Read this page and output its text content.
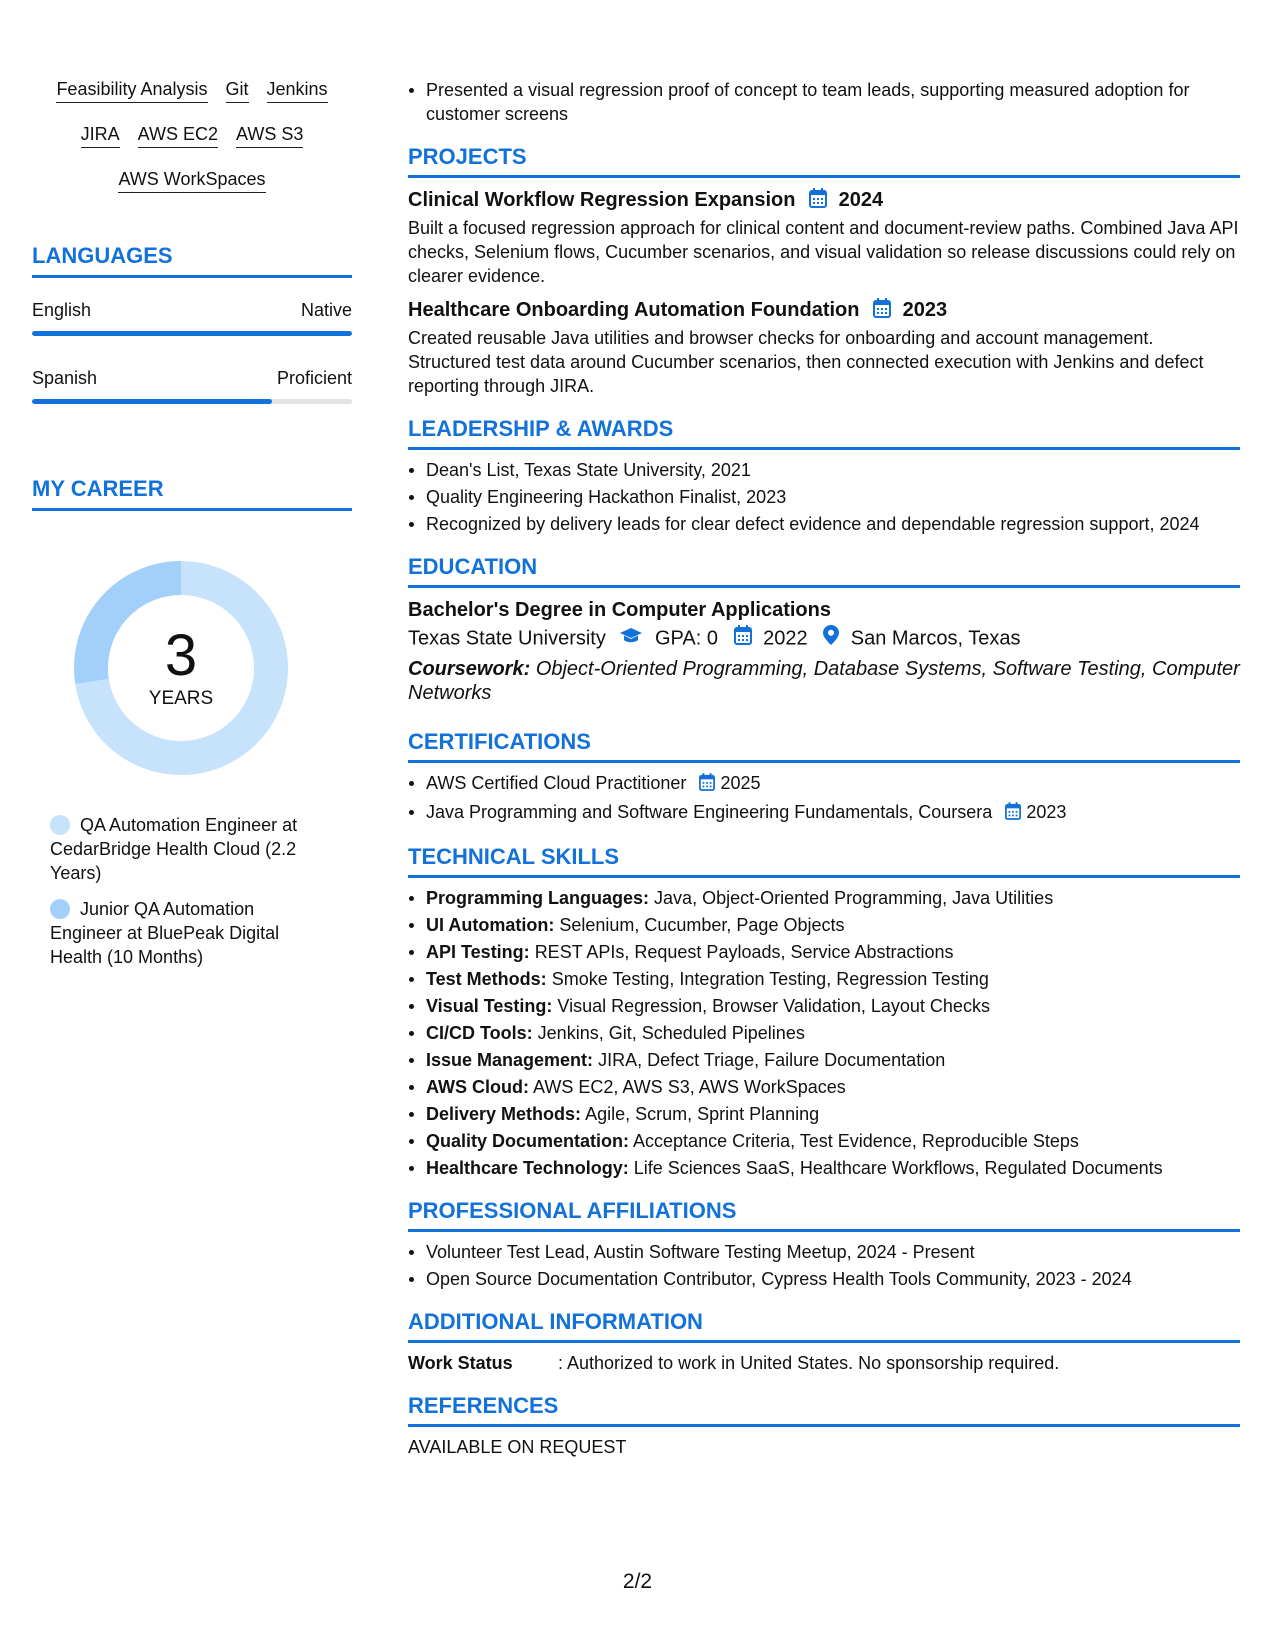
Feasibility Analysis Git Jenkins
JIRA AWS EC2 AWS S3
AWS WorkSpaces
LANGUAGES
English	Native
Spanish	Proficient
MY CAREER
3
YEARS
QA Automation Engineer at CedarBridge Health Cloud (2.2 Years)
Junior QA Automation Engineer at BluePeak Digital Health (10 Months)
Presented a visual regression proof of concept to team leads, supporting measured adoption for customer screens
PROJECTS
Clinical Workflow Regression Expansion 2024
Built a focused regression approach for clinical content and document-review paths. Combined Java API checks, Selenium flows, Cucumber scenarios, and visual validation so release discussions could rely on clearer evidence.
Healthcare Onboarding Automation Foundation 2023
Created reusable Java utilities and browser checks for onboarding and account management. Structured test data around Cucumber scenarios, then connected execution with Jenkins and defect reporting through JIRA.
LEADERSHIP & AWARDS
Dean's List, Texas State University, 2021
Quality Engineering Hackathon Finalist, 2023
Recognized by delivery leads for clear defect evidence and dependable regression support, 2024
EDUCATION
Bachelor's Degree in Computer Applications
Texas State University GPA: 0 2022 San Marcos, Texas
Coursework: Object-Oriented Programming, Database Systems, Software Testing, Computer Networks
CERTIFICATIONS
AWS Certified Cloud Practitioner 2025
Java Programming and Software Engineering Fundamentals, Coursera 2023
TECHNICAL SKILLS
Programming Languages: Java, Object-Oriented Programming, Java Utilities
UI Automation: Selenium, Cucumber, Page Objects
API Testing: REST APIs, Request Payloads, Service Abstractions
Test Methods: Smoke Testing, Integration Testing, Regression Testing
Visual Testing: Visual Regression, Browser Validation, Layout Checks
CI/CD Tools: Jenkins, Git, Scheduled Pipelines
Issue Management: JIRA, Defect Triage, Failure Documentation
AWS Cloud: AWS EC2, AWS S3, AWS WorkSpaces
Delivery Methods: Agile, Scrum, Sprint Planning
Quality Documentation: Acceptance Criteria, Test Evidence, Reproducible Steps
Healthcare Technology: Life Sciences SaaS, Healthcare Workflows, Regulated Documents
PROFESSIONAL AFFILIATIONS
Volunteer Test Lead, Austin Software Testing Meetup, 2024 - Present
Open Source Documentation Contributor, Cypress Health Tools Community, 2023 - 2024
ADDITIONAL INFORMATION
Work Status	: Authorized to work in United States. No sponsorship required.
REFERENCES
AVAILABLE ON REQUEST
2/2
